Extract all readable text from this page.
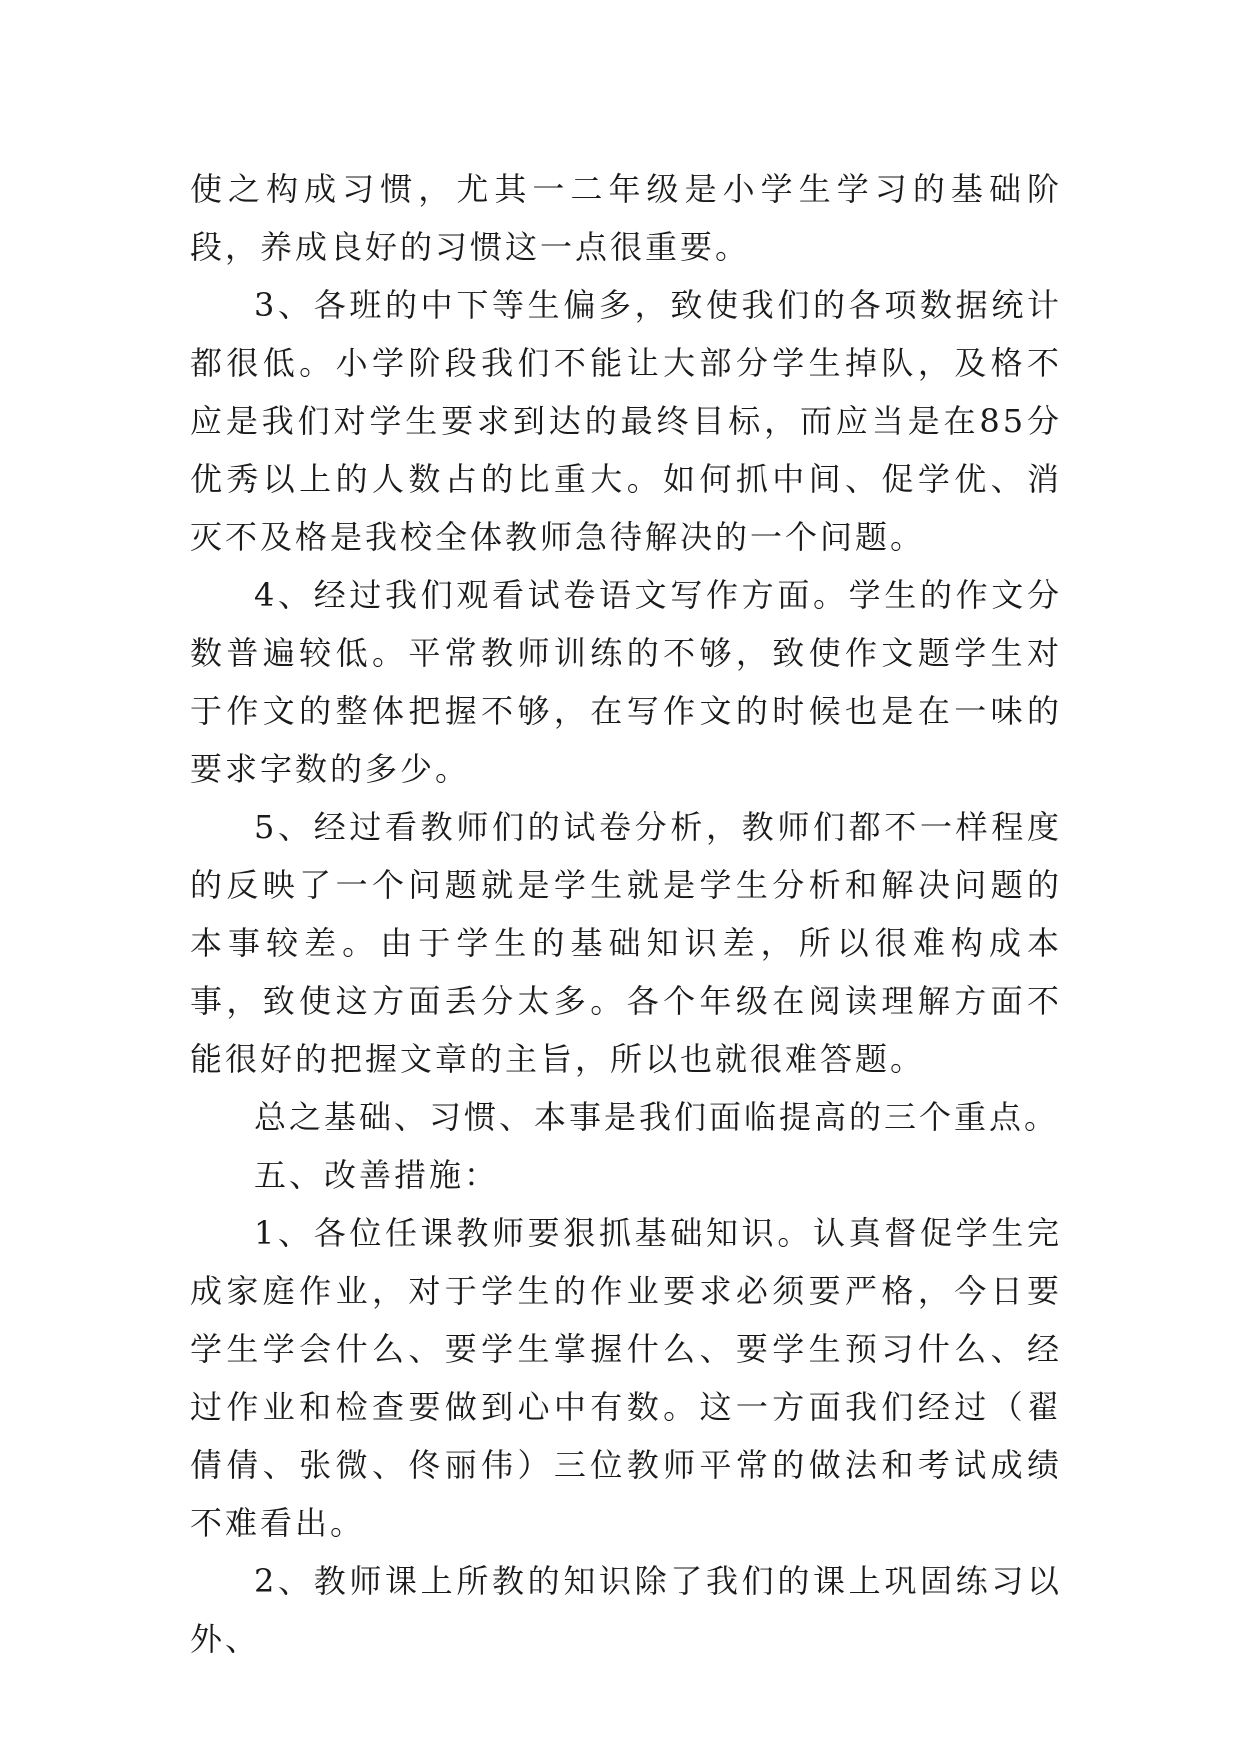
使之构成习惯，尤其一二年级是小学生学习的基础阶段，养成良好的习惯这一点很重要。

3、各班的中下等生偏多，致使我们的各项数据统计都很低。小学阶段我们不能让大部分学生掉队，及格不应是我们对学生要求到达的最终目标，而应当是在85分优秀以上的人数占的比重大。如何抓中间、促学优、消灭不及格是我校全体教师急待解决的一个问题。

4、经过我们观看试卷语文写作方面。学生的作文分数普遍较低。平常教师训练的不够，致使作文题学生对于作文的整体把握不够，在写作文的时候也是在一味的要求字数的多少。

5、经过看教师们的试卷分析，教师们都不一样程度的反映了一个问题就是学生就是学生分析和解决问题的本事较差。由于学生的基础知识差，所以很难构成本事，致使这方面丢分太多。各个年级在阅读理解方面不能很好的把握文章的主旨，所以也就很难答题。

总之基础、习惯、本事是我们面临提高的三个重点。

五、改善措施：

1、各位任课教师要狠抓基础知识。认真督促学生完成家庭作业，对于学生的作业要求必须要严格，今日要学生学会什么、要学生掌握什么、要学生预习什么、经过作业和检查要做到心中有数。这一方面我们经过（翟倩倩、张微、佟丽伟）三位教师平常的做法和考试成绩不难看出。

2、教师课上所教的知识除了我们的课上巩固练习以外、
